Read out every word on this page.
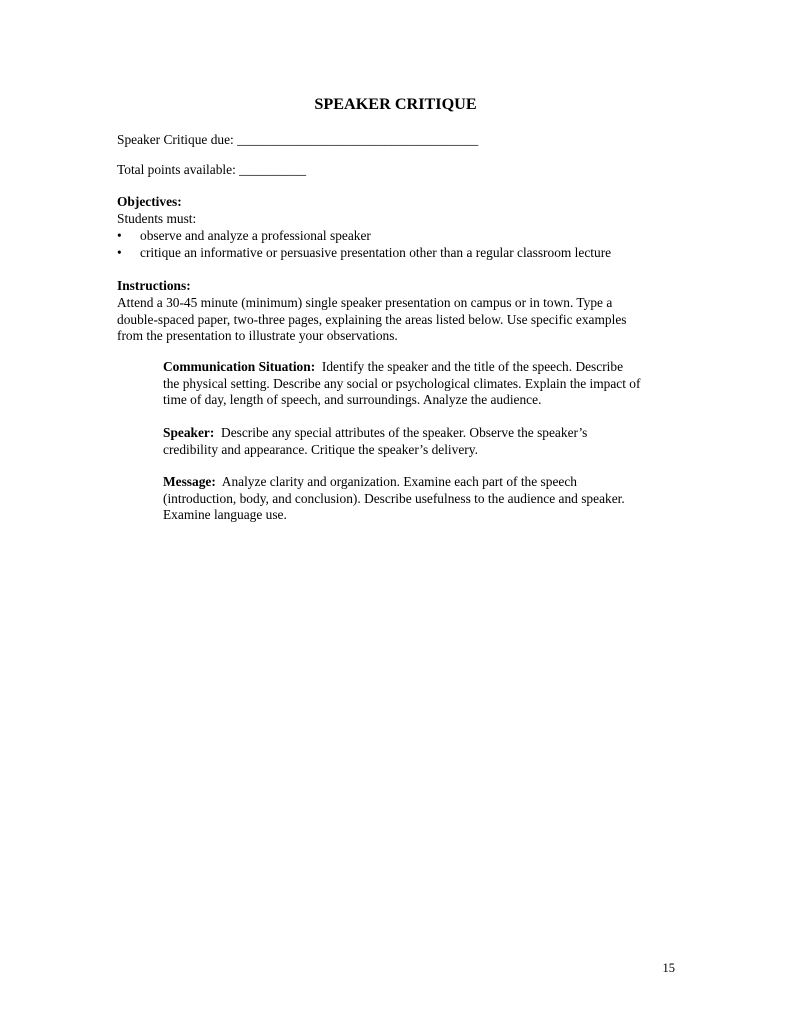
SPEAKER CRITIQUE
Speaker Critique due: ____________________________________
Total points available: __________
Objectives:
Students must:
• observe and analyze a professional speaker
• critique an informative or persuasive presentation other than a regular classroom lecture
Instructions:
Attend a 30-45 minute (minimum) single speaker presentation on campus or in town. Type a
double-spaced paper, two-three pages, explaining the areas listed below. Use specific examples
from the presentation to illustrate your observations.
Communication Situation: Identify the speaker and the title of the speech. Describe
the physical setting. Describe any social or psychological climates. Explain the impact of
time of day, length of speech, and surroundings. Analyze the audience.
Speaker: Describe any special attributes of the speaker. Observe the speaker’s
credibility and appearance. Critique the speaker’s delivery.
Message: Analyze clarity and organization. Examine each part of the speech
(introduction, body, and conclusion). Describe usefulness to the audience and speaker.
Examine language use.
15
